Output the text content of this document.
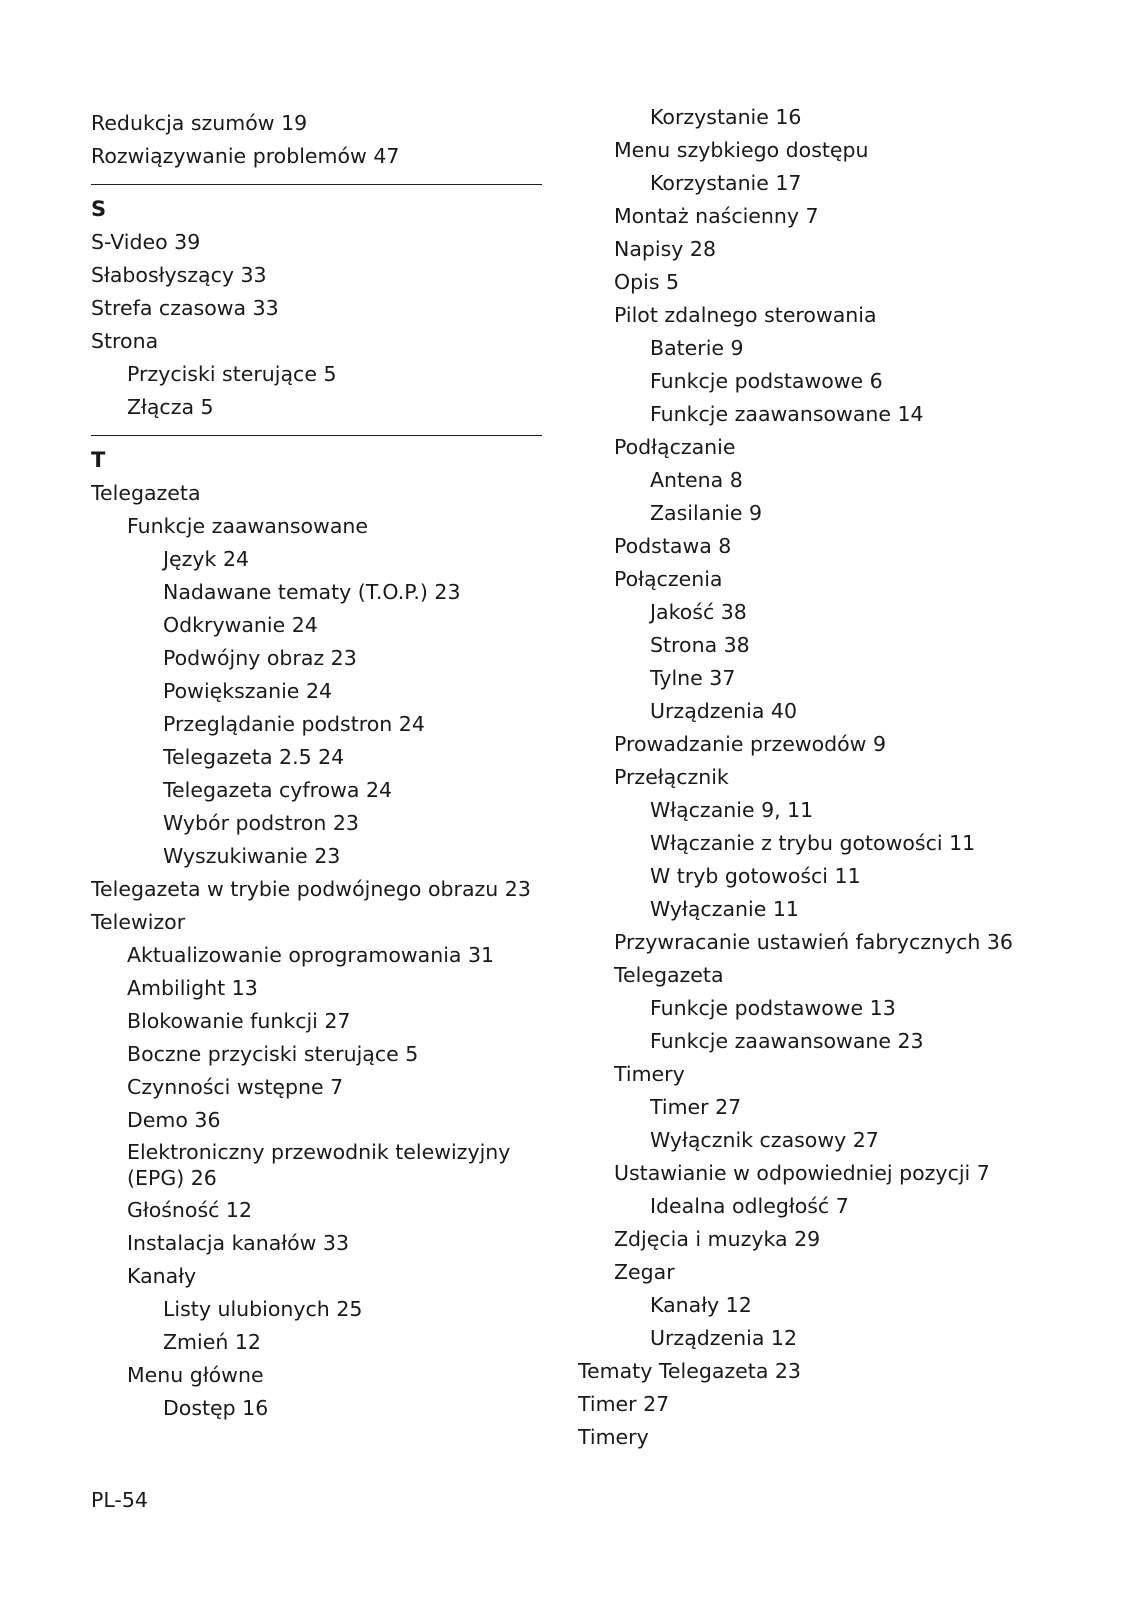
Redukcja szumów 19
Rozwiązywanie problemów 47
S
S-Video 39
Słabosłyszący 33
Strefa czasowa 33
Strona
Przyciski sterujące 5
Złącza 5
T
Telegazeta
Funkcje zaawansowane
Język 24
Nadawane tematy (T.O.P.) 23
Odkrywanie 24
Podwójny obraz 23
Powiększanie 24
Przeglądanie podstron 24
Telegazeta 2.5 24
Telegazeta cyfrowa 24
Wybór podstron 23
Wyszukiwanie 23
Telegazeta w trybie podwójnego obrazu 23
Telewizor
Aktualizowanie oprogramowania 31
Ambilight 13
Blokowanie funkcji 27
Boczne przyciski sterujące 5
Czynności wstępne 7
Demo 36
Elektroniczny przewodnik telewizyjny (EPG) 26
Głośność 12
Instalacja kanałów 33
Kanały
Listy ulubionych 25
Zmień 12
Menu główne
Dostęp 16
Korzystanie 16
Menu szybkiego dostępu
Korzystanie 17
Montaż naścienny 7
Napisy 28
Opis 5
Pilot zdalnego sterowania
Baterie 9
Funkcje podstawowe 6
Funkcje zaawansowane 14
Podłączanie
Antena 8
Zasilanie 9
Podstawa 8
Połączenia
Jakość 38
Strona 38
Tylne 37
Urządzenia 40
Prowadzanie przewodów 9
Przełącznik
Włączanie 9, 11
Włączanie z trybu gotowości 11
W tryb gotowości 11
Wyłączanie 11
Przywracanie ustawień fabrycznych 36
Telegazeta
Funkcje podstawowe 13
Funkcje zaawansowane 23
Timery
Timer 27
Wyłącznik czasowy 27
Ustawianie w odpowiedniej pozycji 7
Idealna odległość 7
Zdjęcia i muzyka 29
Zegar
Kanały 12
Urządzenia 12
Tematy Telegazeta 23
Timer 27
Timery
PL-54
